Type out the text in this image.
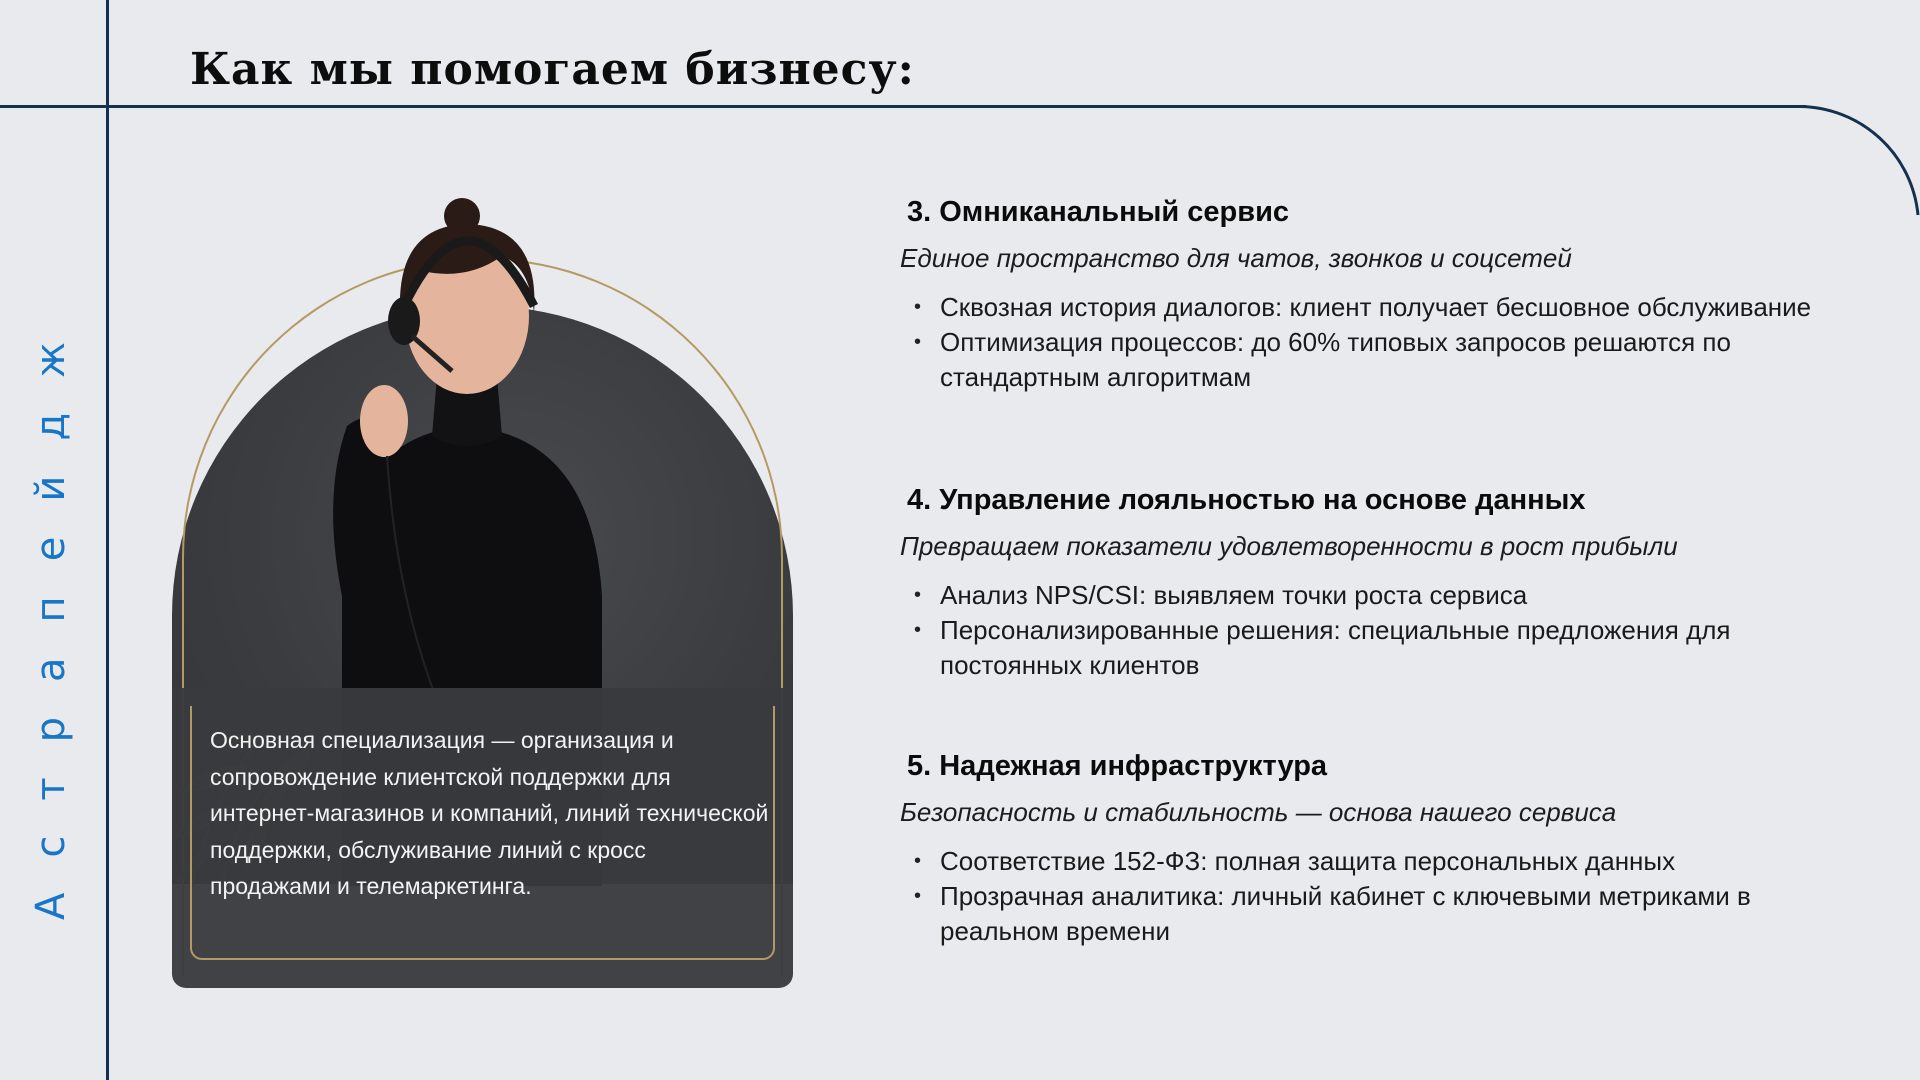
Как мы помогаем бизнесу:
Астрапейдж	Основная специализация — организация и сопровождение клиентской поддержки для интернет-магазинов и компаний, линий технической поддержки, обслуживание линий с кросс продажами и телемаркетинга.

3. Омниканальный сервис
Единое пространство для чатов, звонков и соцсетей
• Сквозная история диалогов: клиент получает бесшовное обслуживание
• Оптимизация процессов: до 60% типовых запросов решаются по стандартным алгоритмам
4. Управление лояльностью на основе данных
Превращаем показатели удовлетворенности в рост прибыли
• Анализ NPS/CSI: выявляем точки роста сервиса
• Персонализированные решения: специальные предложения для постоянных клиентов
5. Надежная инфраструктура
Безопасность и стабильность — основа нашего сервиса
• Соответствие 152-ФЗ: полная защита персональных данных
• Прозрачная аналитика: личный кабинет с ключевыми метриками в реальном времени
